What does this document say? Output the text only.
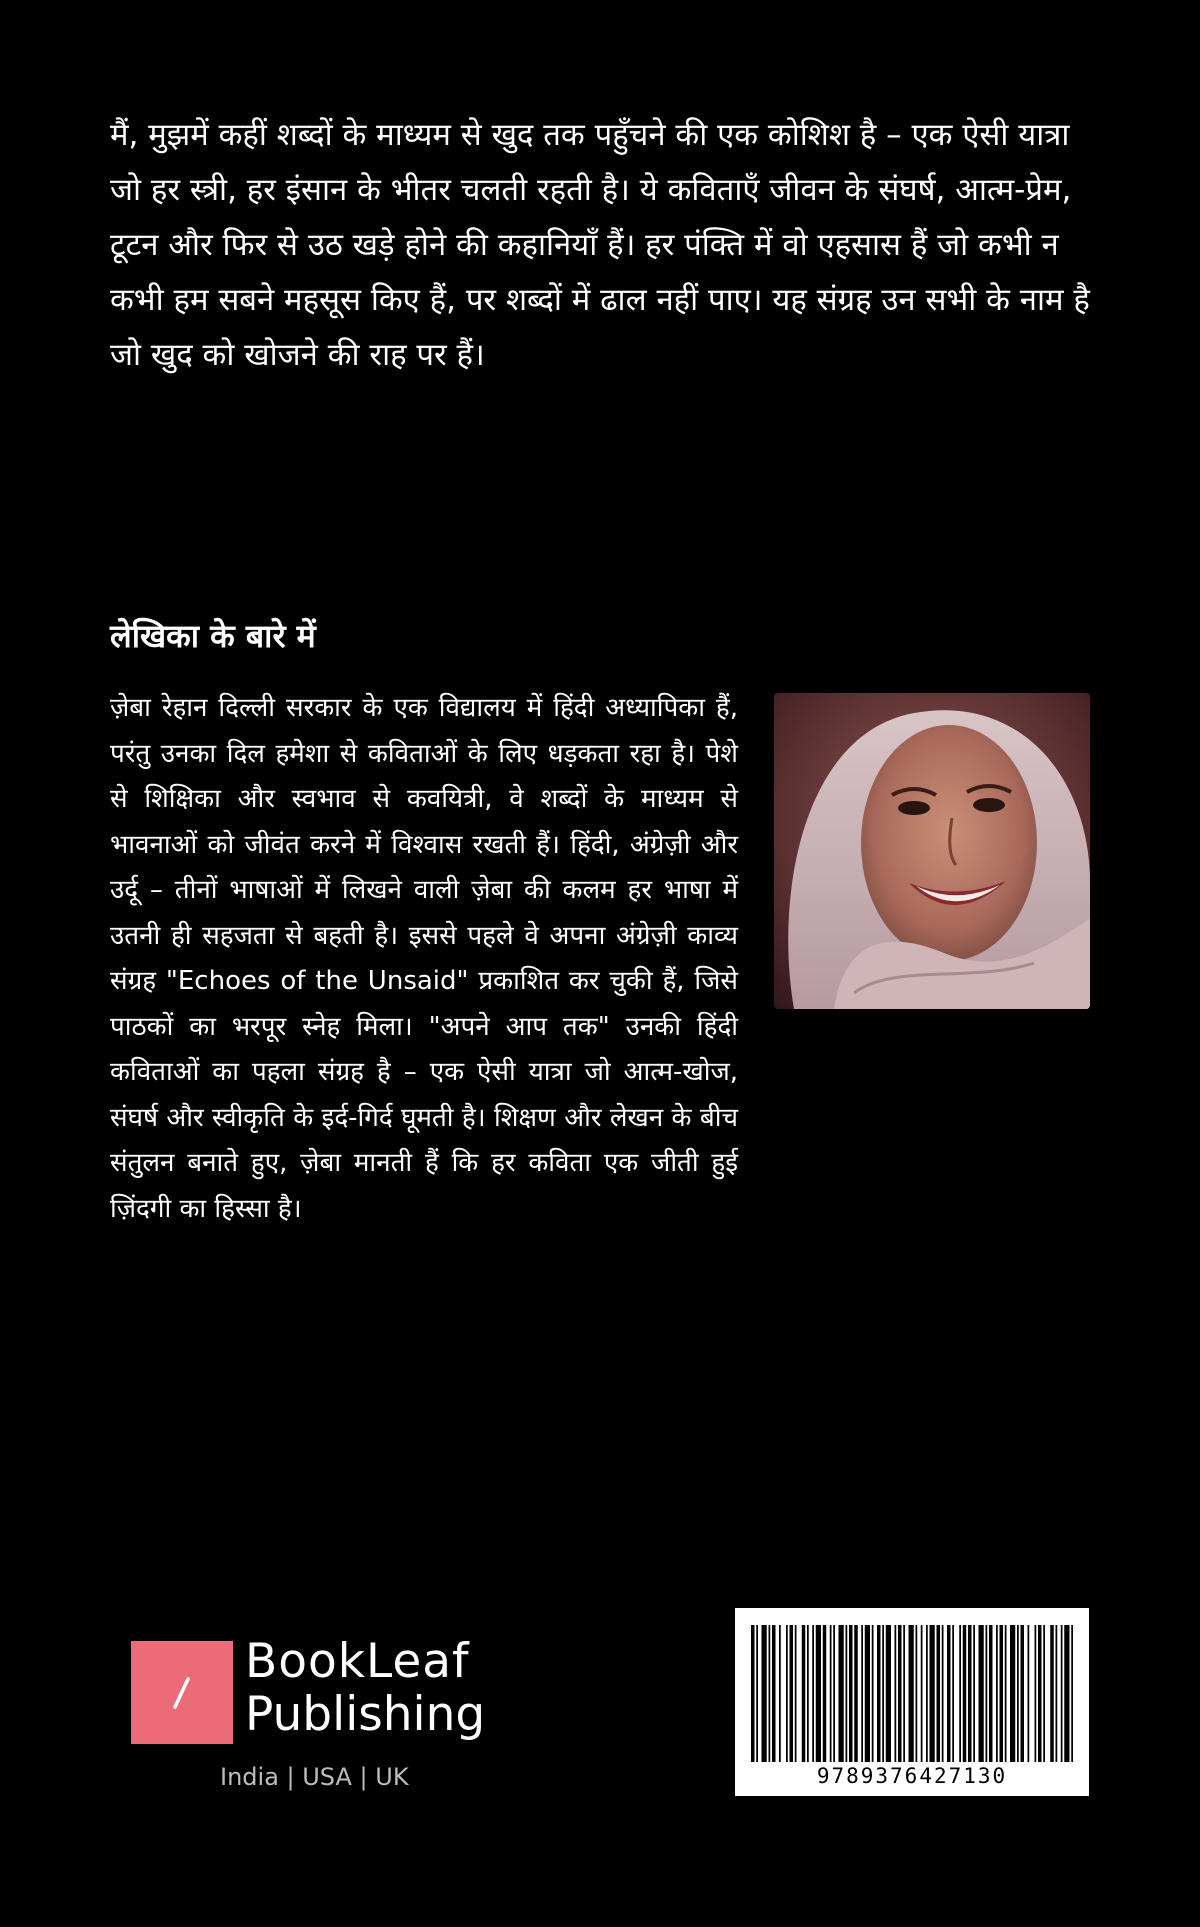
मैं, मुझमें कहीं शब्दों के माध्यम से खुद तक पहुँचने की एक कोशिश है – एक ऐसी यात्रा जो हर स्त्री, हर इंसान के भीतर चलती रहती है। ये कविताएँ जीवन के संघर्ष, आत्म-प्रेम, टूटन और फिर से उठ खड़े होने की कहानियाँ हैं। हर पंक्ति में वो एहसास हैं जो कभी न कभी हम सबने महसूस किए हैं, पर शब्दों में ढाल नहीं पाए। यह संग्रह उन सभी के नाम है जो खुद को खोजने की राह पर हैं।

लेखिका के बारे में

ज़ेबा रेहान दिल्ली सरकार के एक विद्यालय में हिंदी अध्यापिका हैं, परंतु उनका दिल हमेशा से कविताओं के लिए धड़कता रहा है। पेशे से शिक्षिका और स्वभाव से कवयित्री, वे शब्दों के माध्यम से भावनाओं को जीवंत करने में विश्वास रखती हैं। हिंदी, अंग्रेज़ी और उर्दू – तीनों भाषाओं में लिखने वाली ज़ेबा की कलम हर भाषा में उतनी ही सहजता से बहती है। इससे पहले वे अपना अंग्रेज़ी काव्य संग्रह "Echoes of the Unsaid" प्रकाशित कर चुकी हैं, जिसे पाठकों का भरपूर स्नेह मिला। "अपने आप तक" उनकी हिंदी कविताओं का पहला संग्रह है – एक ऐसी यात्रा जो आत्म-खोज, संघर्ष और स्वीकृति के इर्द-गिर्द घूमती है। शिक्षण और लेखन के बीच संतुलन बनाते हुए, ज़ेबा मानती हैं कि हर कविता एक जीती हुई ज़िंदगी का हिस्सा है।

BookLeaf
Publishing
India | USA | UK	9789376427130
